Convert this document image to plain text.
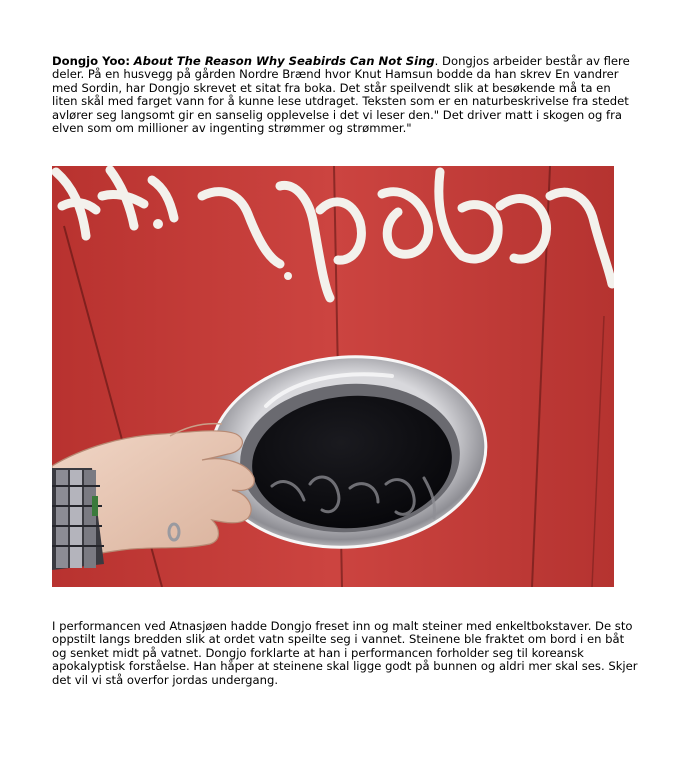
Dongjo Yoo: About The Reason Why Seabirds Can Not Sing. Dongjos arbeider består av flere deler. På en husvegg på gården Nordre Brænd hvor Knut Hamsun bodde da han skrev En vandrer med Sordin, har Dongjo skrevet et sitat fra boka. Det står speilvendt slik at besøkende må ta en liten skål med farget vann for å kunne lese utdraget. Teksten som er en naturbeskrivelse fra stedet avlører seg langsomt gir en sanselig opplevelse i det vi leser den." Det driver matt i skogen og fra elven som om millioner av ingenting strømmer og strømmer."

I performancen ved Atnasjøen hadde Dongjo freset inn og malt steiner med enkeltbokstaver. De sto oppstilt langs bredden slik at ordet vatn speilte seg i vannet. Steinene ble fraktet om bord i en båt og senket midt på vatnet. Dongjo forklarte at han i performancen forholder seg til koreansk apokalyptisk forståelse. Han håper at steinene skal ligge godt på bunnen og aldri mer skal ses. Skjer det vil vi stå overfor jordas undergang.
